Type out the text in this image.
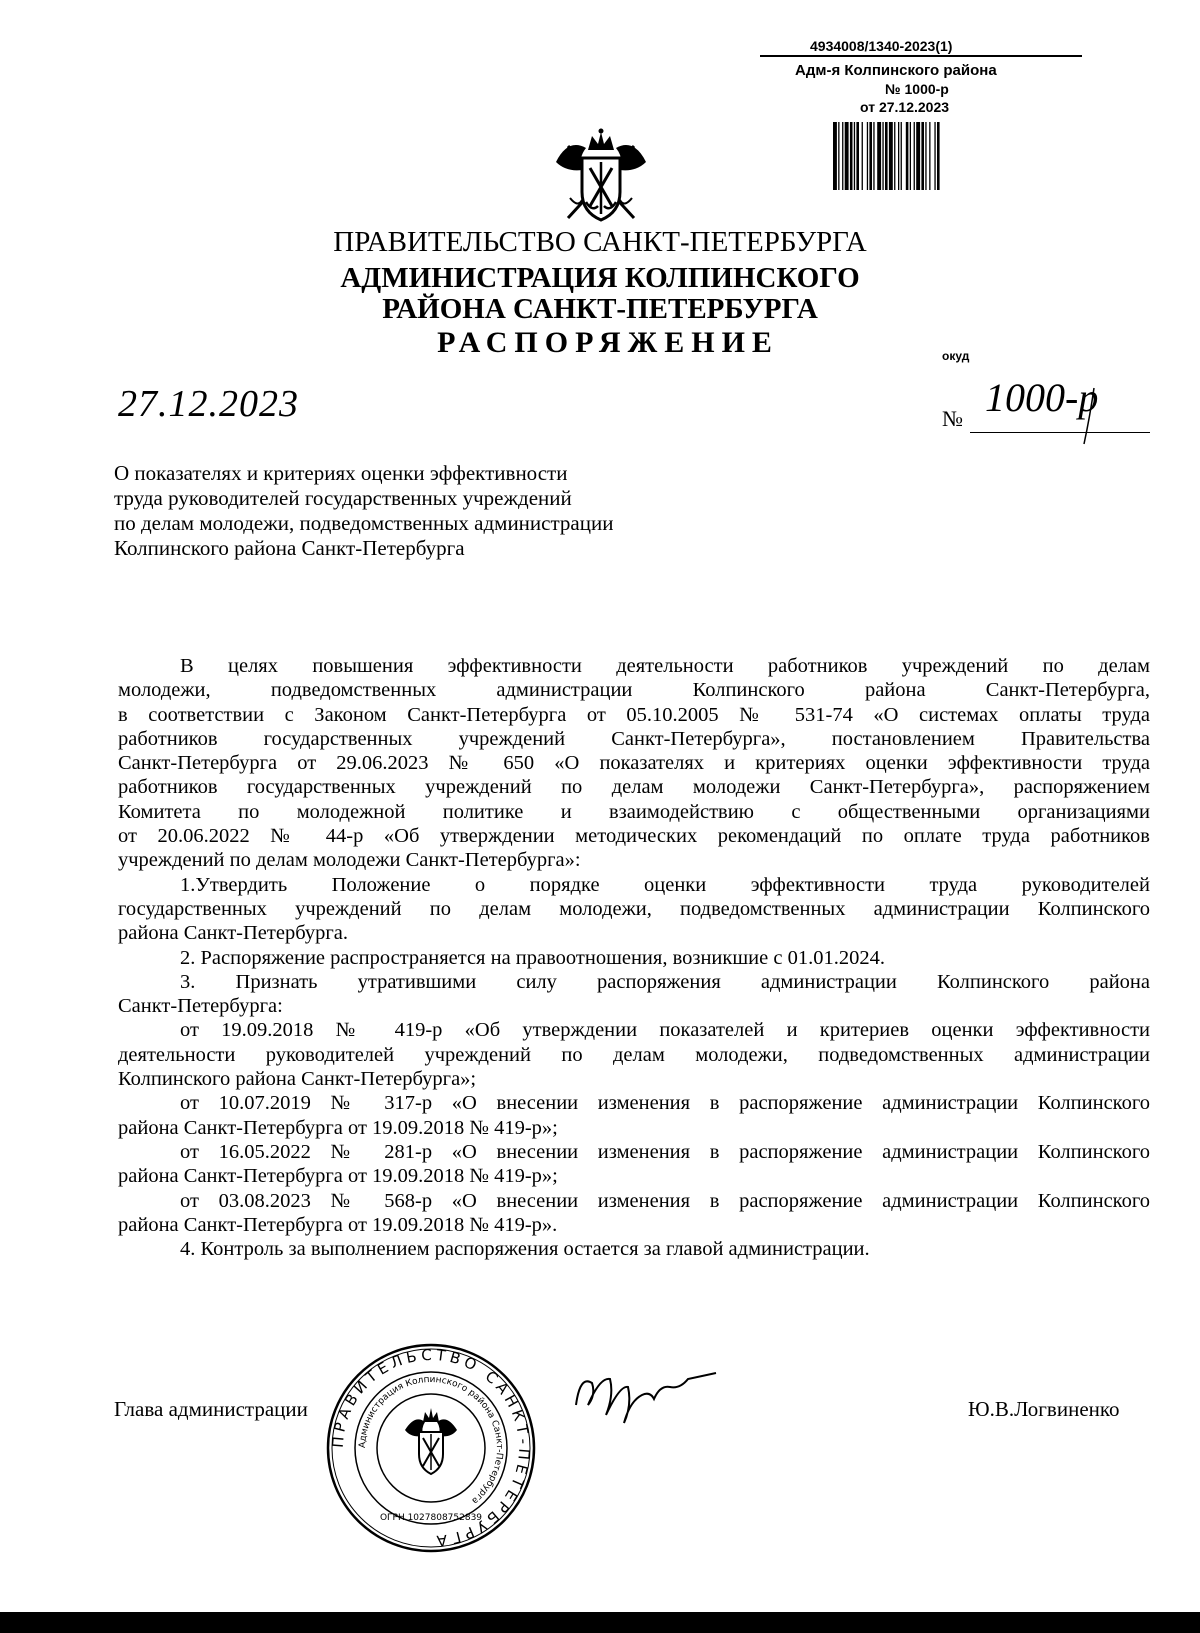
4934008/1340-2023(1)
Адм-я Колпинского района
№ 1000-р
от 27.12.2023
ПРАВИТЕЛЬСТВО САНКТ-ПЕТЕРБУРГА
АДМИНИСТРАЦИЯ КОЛПИНСКОГО
РАЙОНА САНКТ-ПЕТЕРБУРГА
РАСПОРЯЖЕНИЕ	окуд
27.12.2023	№ 1000-р
О показателях и критериях оценки эффективности
труда руководителей государственных учреждений
по делам молодежи, подведомственных администрации
Колпинского района Санкт-Петербурга
В целях повышения эффективности деятельности работников учреждений по делам
молодежи, подведомственных администрации Колпинского района Санкт-Петербурга,
в соответствии с Законом Санкт-Петербурга от 05.10.2005 № 531-74 «О системах оплаты труда
работников государственных учреждений Санкт-Петербурга», постановлением Правительства
Санкт-Петербурга от 29.06.2023 № 650 «О показателях и критериях оценки эффективности труда
работников государственных учреждений по делам молодежи Санкт-Петербурга», распоряжением
Комитета по молодежной политике и взаимодействию с общественными организациями
от 20.06.2022 № 44-р «Об утверждении методических рекомендаций по оплате труда работников
учреждений по делам молодежи Санкт-Петербурга»:
1.Утвердить Положение о порядке оценки эффективности труда руководителей
государственных учреждений по делам молодежи, подведомственных администрации Колпинского
района Санкт-Петербурга.
2. Распоряжение распространяется на правоотношения, возникшие с 01.01.2024.
3. Признать утратившими силу распоряжения администрации Колпинского района
Санкт-Петербурга:
от 19.09.2018 № 419-р «Об утверждении показателей и критериев оценки эффективности
деятельности руководителей учреждений по делам молодежи, подведомственных администрации
Колпинского района Санкт-Петербурга»;
от 10.07.2019 № 317-р «О внесении изменения в распоряжение администрации Колпинского
района Санкт-Петербурга от 19.09.2018 № 419-р»;
от 16.05.2022 № 281-р «О внесении изменения в распоряжение администрации Колпинского
района Санкт-Петербурга от 19.09.2018 № 419-р»;
от 03.08.2023 № 568-р «О внесении изменения в распоряжение администрации Колпинского
района Санкт-Петербурга от 19.09.2018 № 419-р».
4. Контроль за выполнением распоряжения остается за главой администрации.
Глава администрации	Ю.В.Логвиненко
ПРАВИТЕЛЬСТВО САНКТ-ПЕТЕРБУРГА
Администрация Колпинского района Санкт-Петербурга
ОГРН 1027808752839
